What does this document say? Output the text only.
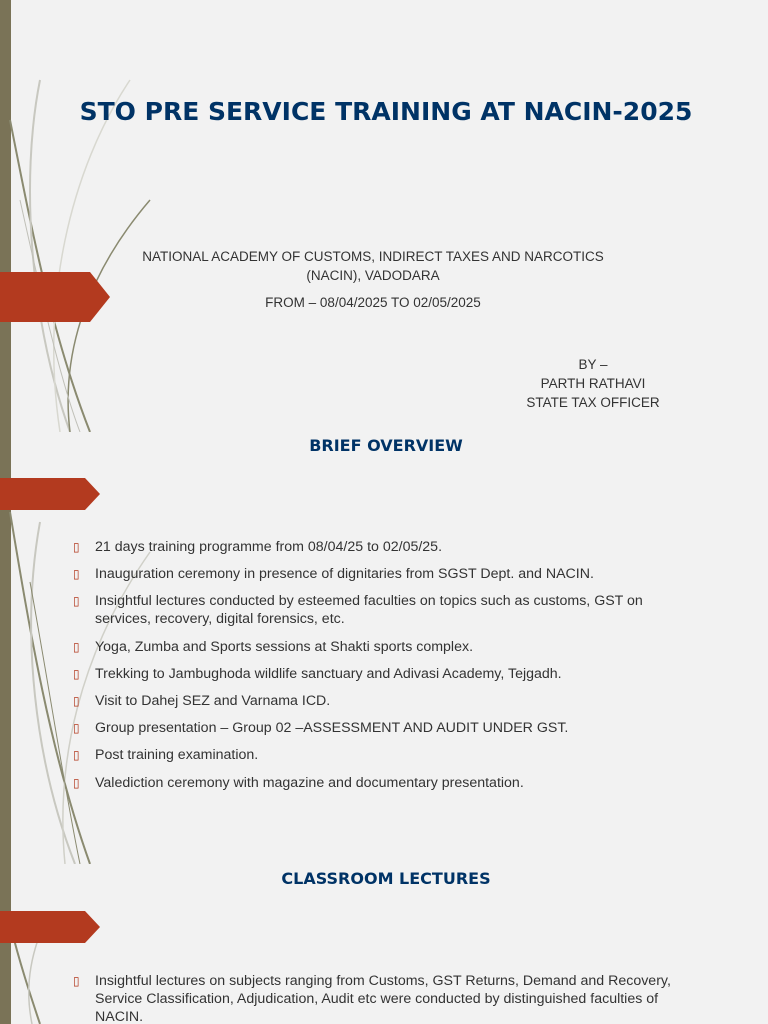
STO PRE SERVICE TRAINING AT NACIN-2025
NATIONAL ACADEMY OF CUSTOMS, INDIRECT TAXES AND NARCOTICS (NACIN), VADODARA
FROM – 08/04/2025 TO 02/05/2025
BY –
PARTH RATHAVI
STATE TAX OFFICER
BRIEF OVERVIEW
▯ 21 days training programme from 08/04/25 to 02/05/25.
▯ Inauguration ceremony in presence of dignitaries from SGST Dept. and NACIN.
▯ Insightful lectures conducted by esteemed faculties on topics such as customs, GST on services, recovery, digital forensics, etc.
▯ Yoga, Zumba and Sports sessions at Shakti sports complex.
▯ Trekking to Jambughoda wildlife sanctuary and Adivasi Academy, Tejgadh.
▯ Visit to Dahej SEZ and Varnama ICD.
▯ Group presentation – Group 02 –ASSESSMENT AND AUDIT UNDER GST.
▯ Post training examination.
▯ Valediction ceremony with magazine and documentary presentation.
CLASSROOM LECTURES
▯ Insightful lectures on subjects ranging from Customs, GST Returns, Demand and Recovery, Service Classification, Adjudication, Audit etc were conducted by distinguished faculties of NACIN.
